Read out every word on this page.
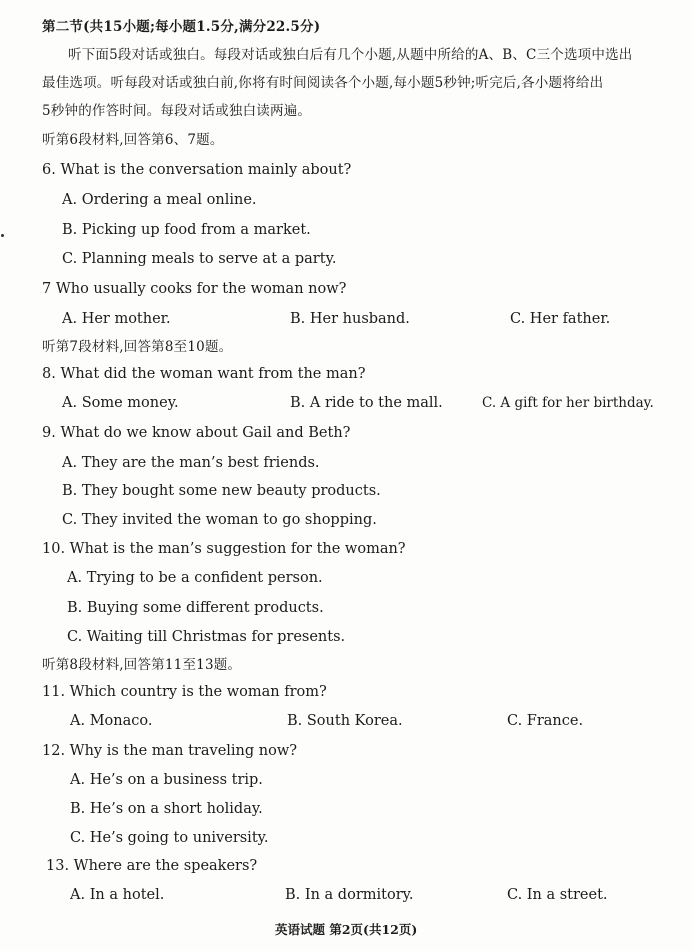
第二节(共15小题;每小题1.5分,满分22.5分)
听下面5段对话或独白。每段对话或独白后有几个小题,从题中所给的A、B、C三个选项中选出
最佳选项。听每段对话或独白前,你将有时间阅读各个小题,每小题5秒钟;听完后,各小题将给出
5秒钟的作答时间。每段对话或独白读两遍。
听第6段材料,回答第6、7题。
6. What is the conversation mainly about?
A. Ordering a meal online.
B. Picking up food from a market.
C. Planning meals to serve at a party.
7 Who usually cooks for the woman now?
A. Her mother.	B. Her husband.	C. Her father.
听第7段材料,回答第8至10题。
8. What did the woman want from the man?
A. Some money.	B. A ride to the mall.	C. A gift for her birthday.
9. What do we know about Gail and Beth?
A. They are the man’s best friends.
B. They bought some new beauty products.
C. They invited the woman to go shopping.
10. What is the man’s suggestion for the woman?
A. Trying to be a confident person.
B. Buying some different products.
C. Waiting till Christmas for presents.
听第8段材料,回答第11至13题。
11. Which country is the woman from?
A. Monaco.	B. South Korea.	C. France.
12. Why is the man traveling now?
A. He’s on a business trip.
B. He’s on a short holiday.
C. He’s going to university.
13. Where are the speakers?
A. In a hotel.	B. In a dormitory.	C. In a street.
英语试题 第2页(共12页)
